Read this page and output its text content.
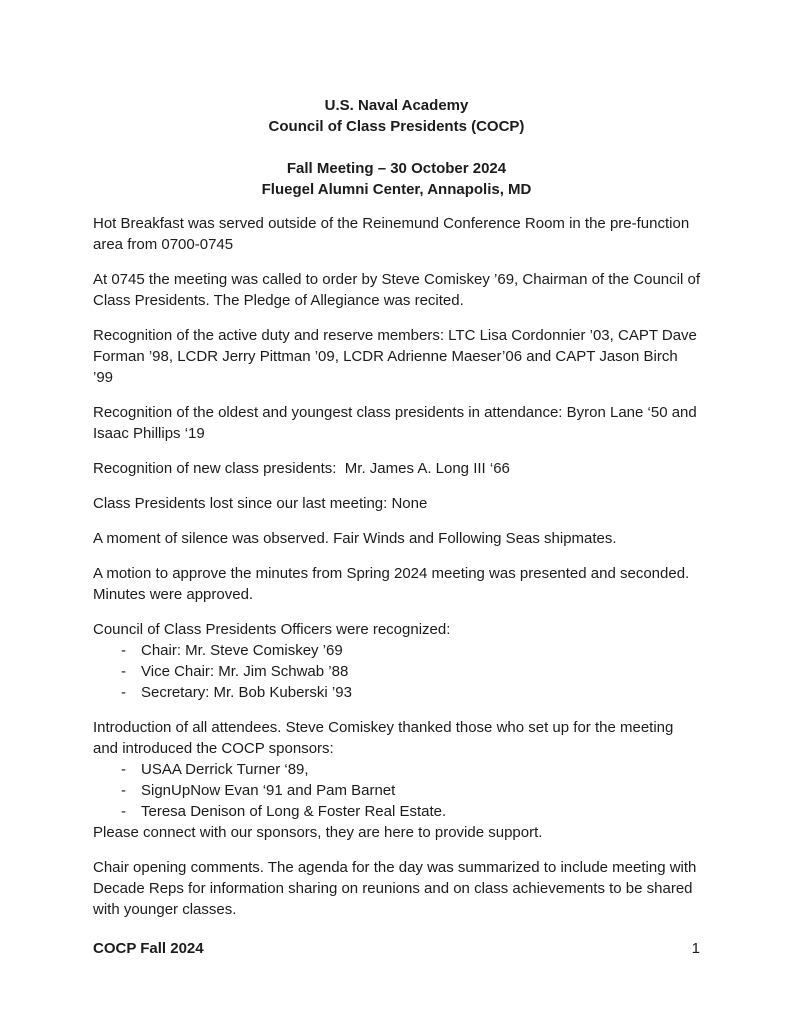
U.S. Naval Academy

Council of Class Presidents (COCP)

Fall Meeting – 30 October 2024

Fluegel Alumni Center, Annapolis, MD

Hot Breakfast was served outside of the Reinemund Conference Room in the pre-function area from 0700-0745

At 0745 the meeting was called to order by Steve Comiskey ’69, Chairman of the Council of Class Presidents. The Pledge of Allegiance was recited.

Recognition of the active duty and reserve members: LTC Lisa Cordonnier ’03, CAPT Dave Forman ’98, LCDR Jerry Pittman ’09, LCDR Adrienne Maeser’06 and CAPT Jason Birch ’99

Recognition of the oldest and youngest class presidents in attendance: Byron Lane ‘50 and Isaac Phillips ‘19

Recognition of new class presidents:  Mr. James A. Long III ‘66

Class Presidents lost since our last meeting: None

A moment of silence was observed. Fair Winds and Following Seas shipmates.

A motion to approve the minutes from Spring 2024 meeting was presented and seconded. Minutes were approved.

Council of Class Presidents Officers were recognized:

-	Chair: Mr. Steve Comiskey ’69
-	Vice Chair: Mr. Jim Schwab ’88
-	Secretary: Mr. Bob Kuberski ’93

Introduction of all attendees. Steve Comiskey thanked those who set up for the meeting and introduced the COCP sponsors:

-	USAA Derrick Turner ‘89,
-	SignUpNow Evan ‘91 and Pam Barnet
-	Teresa Denison of Long & Foster Real Estate.

Please connect with our sponsors, they are here to provide support.

Chair opening comments. The agenda for the day was summarized to include meeting with Decade Reps for information sharing on reunions and on class achievements to be shared with younger classes.

COCP Fall 2024	1
